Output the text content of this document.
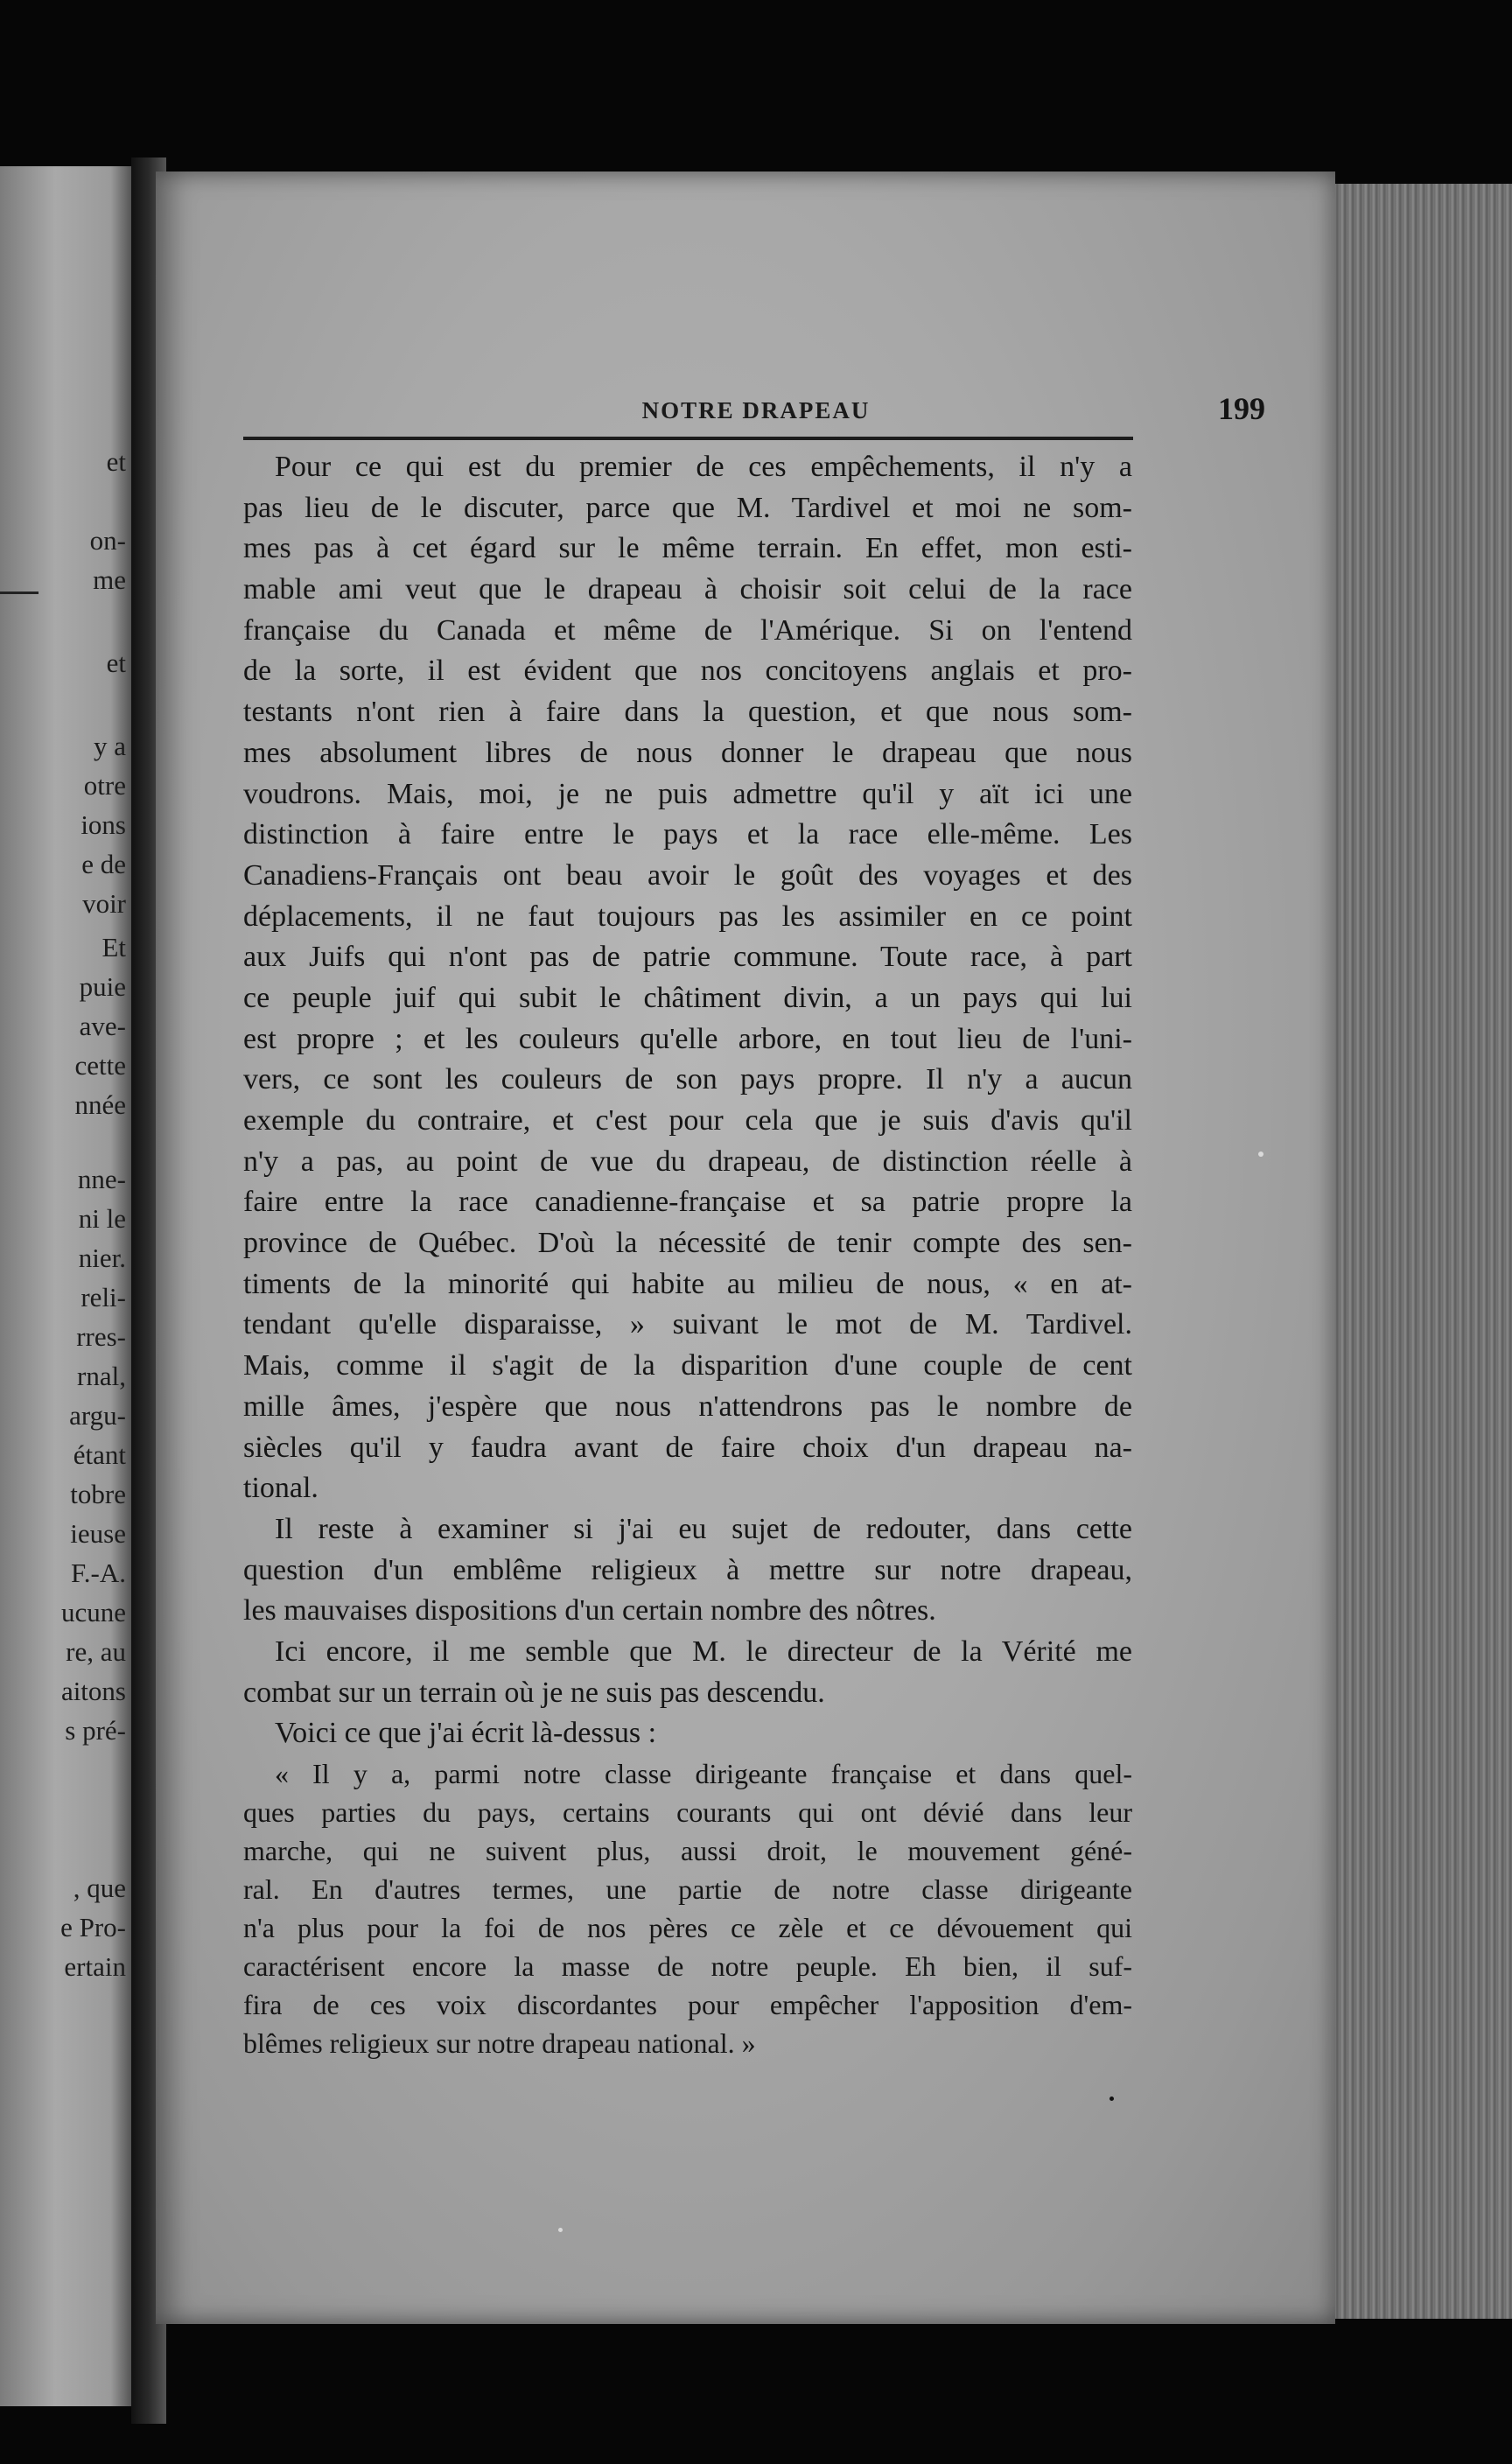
et
on-
me
et
y a
otre
ions
e de
voir
Et
puie
ave-
cette
nnée
nne-
ni le
nier.
reli-
rres-
rnal,
argu-
étant
tobre
ieuse
F.-A.
ucune
re, au
aitons
s pré-
, que
e Pro-
ertain
NOTRE DRAPEAU	199
Pour ce qui est du premier de ces empêchements, il n'y a
pas lieu de le discuter, parce que M. Tardivel et moi ne som-
mes pas à cet égard sur le même terrain. En effet, mon esti-
mable ami veut que le drapeau à choisir soit celui de la race
française du Canada et même de l'Amérique. Si on l'entend
de la sorte, il est évident que nos concitoyens anglais et pro-
testants n'ont rien à faire dans la question, et que nous som-
mes absolument libres de nous donner le drapeau que nous
voudrons. Mais, moi, je ne puis admettre qu'il y aït ici une
distinction à faire entre le pays et la race elle-même. Les
Canadiens-Français ont beau avoir le goût des voyages et des
déplacements, il ne faut toujours pas les assimiler en ce point
aux Juifs qui n'ont pas de patrie commune. Toute race, à part
ce peuple juif qui subit le châtiment divin, a un pays qui lui
est propre ; et les couleurs qu'elle arbore, en tout lieu de l'uni-
vers, ce sont les couleurs de son pays propre. Il n'y a aucun
exemple du contraire, et c'est pour cela que je suis d'avis qu'il
n'y a pas, au point de vue du drapeau, de distinction réelle à
faire entre la race canadienne-française et sa patrie propre la
province de Québec. D'où la nécessité de tenir compte des sen-
timents de la minorité qui habite au milieu de nous, « en at-
tendant qu'elle disparaisse, » suivant le mot de M. Tardivel.
Mais, comme il s'agit de la disparition d'une couple de cent
mille âmes, j'espère que nous n'attendrons pas le nombre de
siècles qu'il y faudra avant de faire choix d'un drapeau na-
tional.
Il reste à examiner si j'ai eu sujet de redouter, dans cette
question d'un emblême religieux à mettre sur notre drapeau,
les mauvaises dispositions d'un certain nombre des nôtres.
Ici encore, il me semble que M. le directeur de la Vérité me
combat sur un terrain où je ne suis pas descendu.
Voici ce que j'ai écrit là-dessus :
« Il y a, parmi notre classe dirigeante française et dans quel-
ques parties du pays, certains courants qui ont dévié dans leur
marche, qui ne suivent plus, aussi droit, le mouvement géné-
ral. En d'autres termes, une partie de notre classe dirigeante
n'a plus pour la foi de nos pères ce zèle et ce dévouement qui
caractérisent encore la masse de notre peuple. Eh bien, il suf-
fira de ces voix discordantes pour empêcher l'apposition d'em-
blêmes religieux sur notre drapeau national. »
